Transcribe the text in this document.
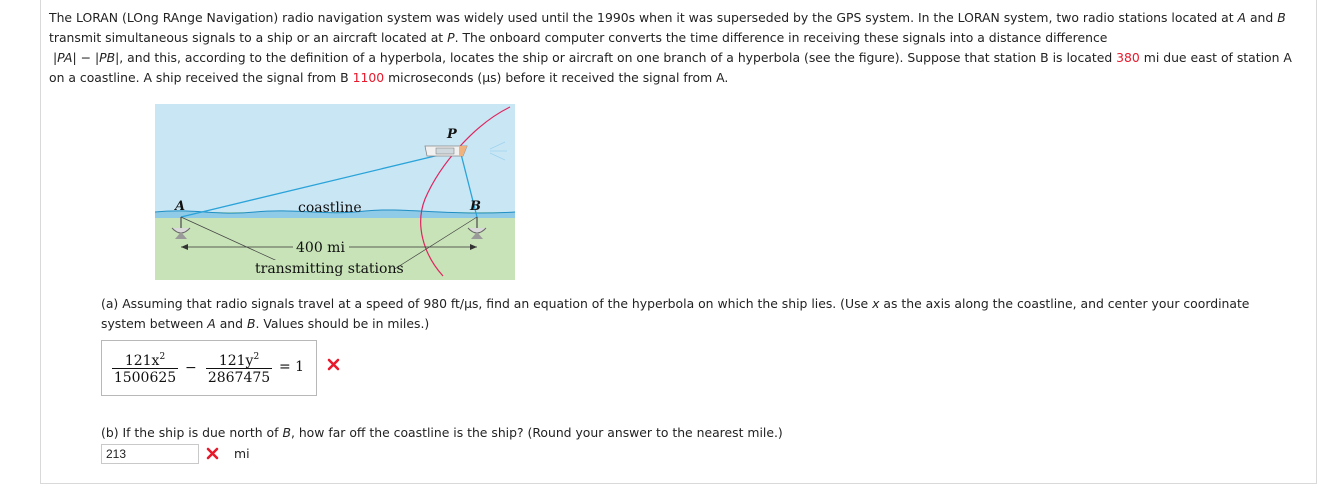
The LORAN (LOng RAnge Navigation) radio navigation system was widely used until the 1990s when it was superseded by the GPS system. In the LORAN system, two radio stations located at A and B transmit simultaneous signals to a ship or an aircraft located at P. The onboard computer converts the time difference in receiving these signals into a distance difference
|PA| − |PB|, and this, according to the definition of a hyperbola, locates the ship or aircraft on one branch of a hyperbola (see the figure). Suppose that station B is located 380 mi due east of station A on a coastline. A ship received the signal from B 1100 microseconds (µs) before it received the signal from A.

A	B
P
coastline
400 mi
transmitting stations

(a) Assuming that radio signals travel at a speed of 980 ft/µs, find an equation of the hyperbola on which the ship lies. (Use x as the axis along the coastline, and center your coordinate system between A and B. Values should be in miles.)

$121x^2$
1500625
−	$121y^2$
2867475
= 1

(b) If the ship is due north of B, how far off the coastline is the ship? (Round your answer to the nearest mile.)

213	mi
